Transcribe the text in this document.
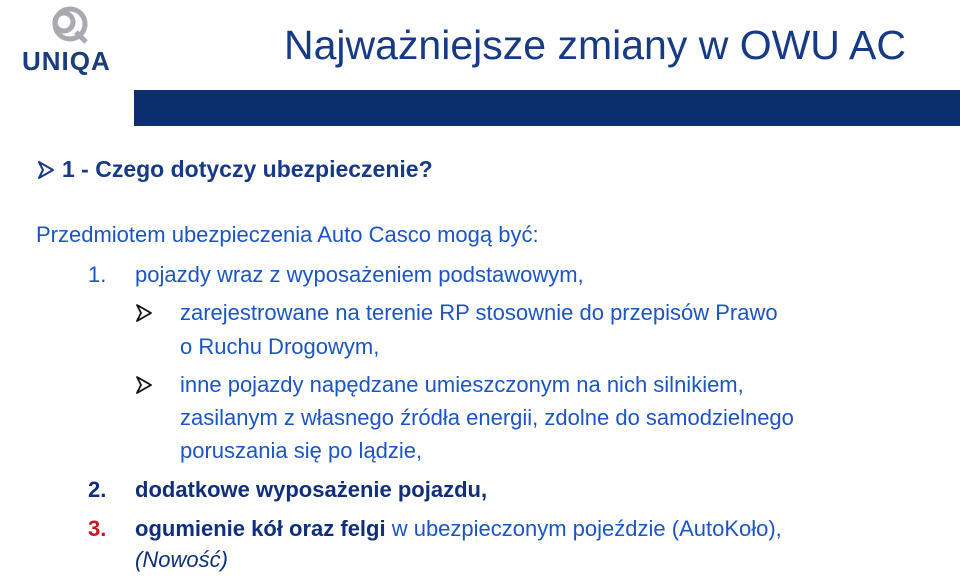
UNIQA	Najważniejsze zmiany w OWU AC
1 - Czego dotyczy ubezpieczenie?
Przedmiotem ubezpieczenia Auto Casco mogą być:
1. pojazdy wraz z wyposażeniem podstawowym,
zarejestrowane na terenie RP stosownie do przepisów Prawo
o Ruchu Drogowym,
inne pojazdy napędzane umieszczonym na nich silnikiem,
zasilanym z własnego źródła energii, zdolne do samodzielnego
poruszania się po lądzie,
2. dodatkowe wyposażenie pojazdu,
3. ogumienie kół oraz felgi w ubezpieczonym pojeździe (AutoKoło),
(Nowość)
